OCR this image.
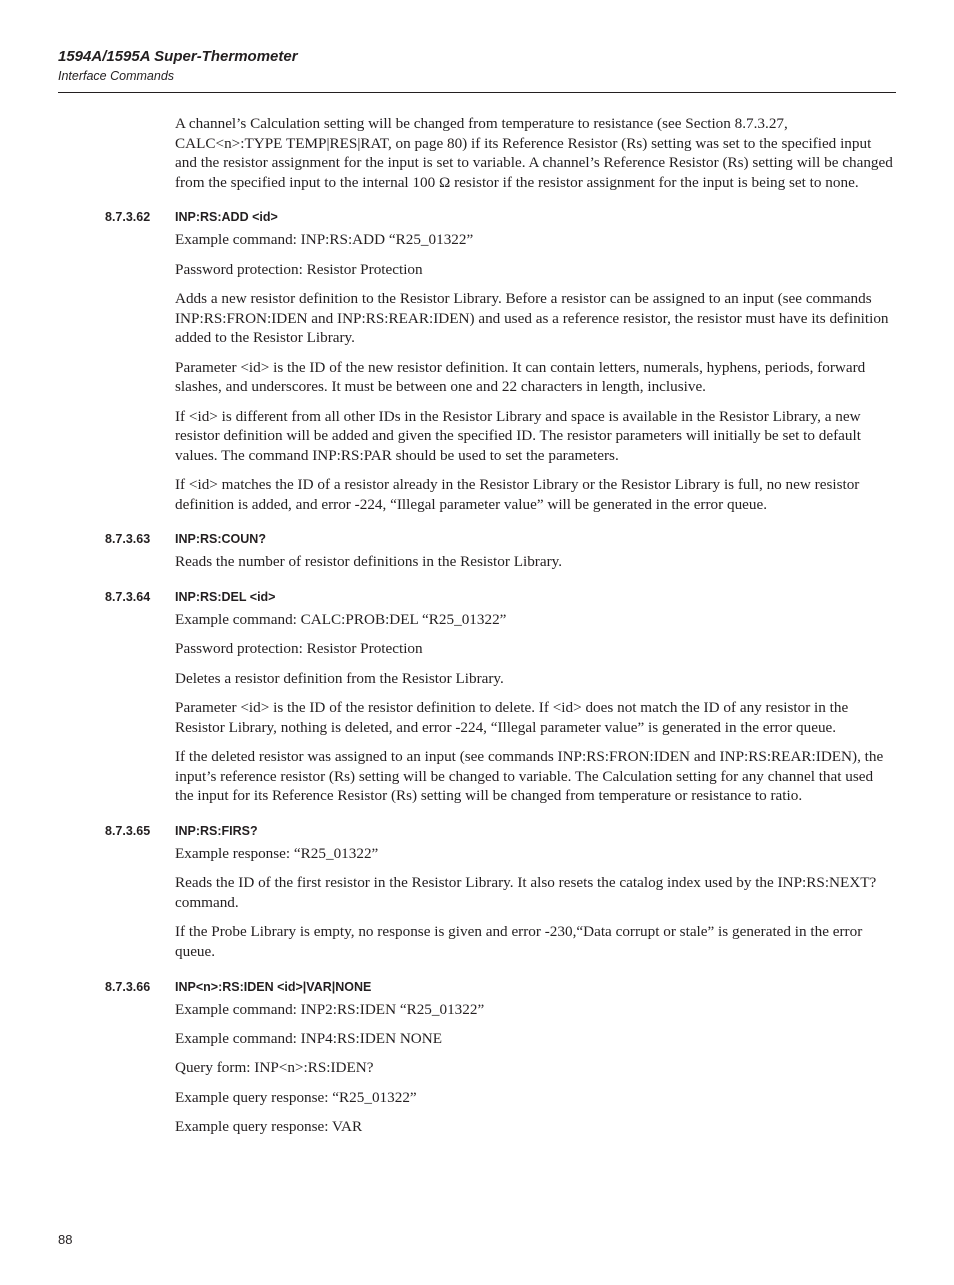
1594A/1595A Super-Thermometer
Interface Commands

A channel’s Calculation setting will be changed from temperature to resistance (see Section 8.7.3.27, CALC<n>:TYPE TEMP|RES|RAT, on page 80) if its Reference Resistor (Rs) setting was set to the specified input and the resistor assignment for the input is set to variable. A channel’s Reference Resistor (Rs) setting will be changed from the specified input to the internal 100 Ω resistor if the resistor assignment for the input is being set to none.

8.7.3.62 INP:RS:ADD <id>

Example command: INP:RS:ADD “R25_01322”

Password protection: Resistor Protection

Adds a new resistor definition to the Resistor Library. Before a resistor can be assigned to an input (see commands INP:RS:FRON:IDEN and INP:RS:REAR:IDEN) and used as a reference resistor, the resistor must have its definition added to the Resistor Library.

Parameter <id> is the ID of the new resistor definition. It can contain letters, numerals, hyphens, periods, forward slashes, and underscores. It must be between one and 22 characters in length, inclusive.

If <id> is different from all other IDs in the Resistor Library and space is available in the Resistor Library, a new resistor definition will be added and given the specified ID. The resistor parameters will initially be set to default values. The command INP:RS:PAR should be used to set the parameters.

If <id> matches the ID of a resistor already in the Resistor Library or the Resistor Library is full, no new resistor definition is added, and error -224, “Illegal parameter value” will be generated in the error queue.

8.7.3.63 INP:RS:COUN?

Reads the number of resistor definitions in the Resistor Library.

8.7.3.64 INP:RS:DEL <id>

Example command: CALC:PROB:DEL “R25_01322”

Password protection: Resistor Protection

Deletes a resistor definition from the Resistor Library.

Parameter <id> is the ID of the resistor definition to delete. If <id> does not match the ID of any resistor in the Resistor Library, nothing is deleted, and error -224, “Illegal parameter value” is generated in the error queue.

If the deleted resistor was assigned to an input (see commands INP:RS:FRON:IDEN and INP:RS:REAR:IDEN), the input’s reference resistor (Rs) setting will be changed to variable. The Calculation setting for any channel that used the input for its Reference Resistor (Rs) setting will be changed from temperature or resistance to ratio.

8.7.3.65 INP:RS:FIRS?

Example response: “R25_01322”

Reads the ID of the first resistor in the Resistor Library. It also resets the catalog index used by the INP:RS:NEXT? command.

If the Probe Library is empty, no response is given and error -230,“Data corrupt or stale” is generated in the error queue.

8.7.3.66 INP<n>:RS:IDEN <id>|VAR|NONE

Example command: INP2:RS:IDEN “R25_01322”

Example command: INP4:RS:IDEN NONE

Query form: INP<n>:RS:IDEN?

Example query response: “R25_01322”

Example query response: VAR

88
